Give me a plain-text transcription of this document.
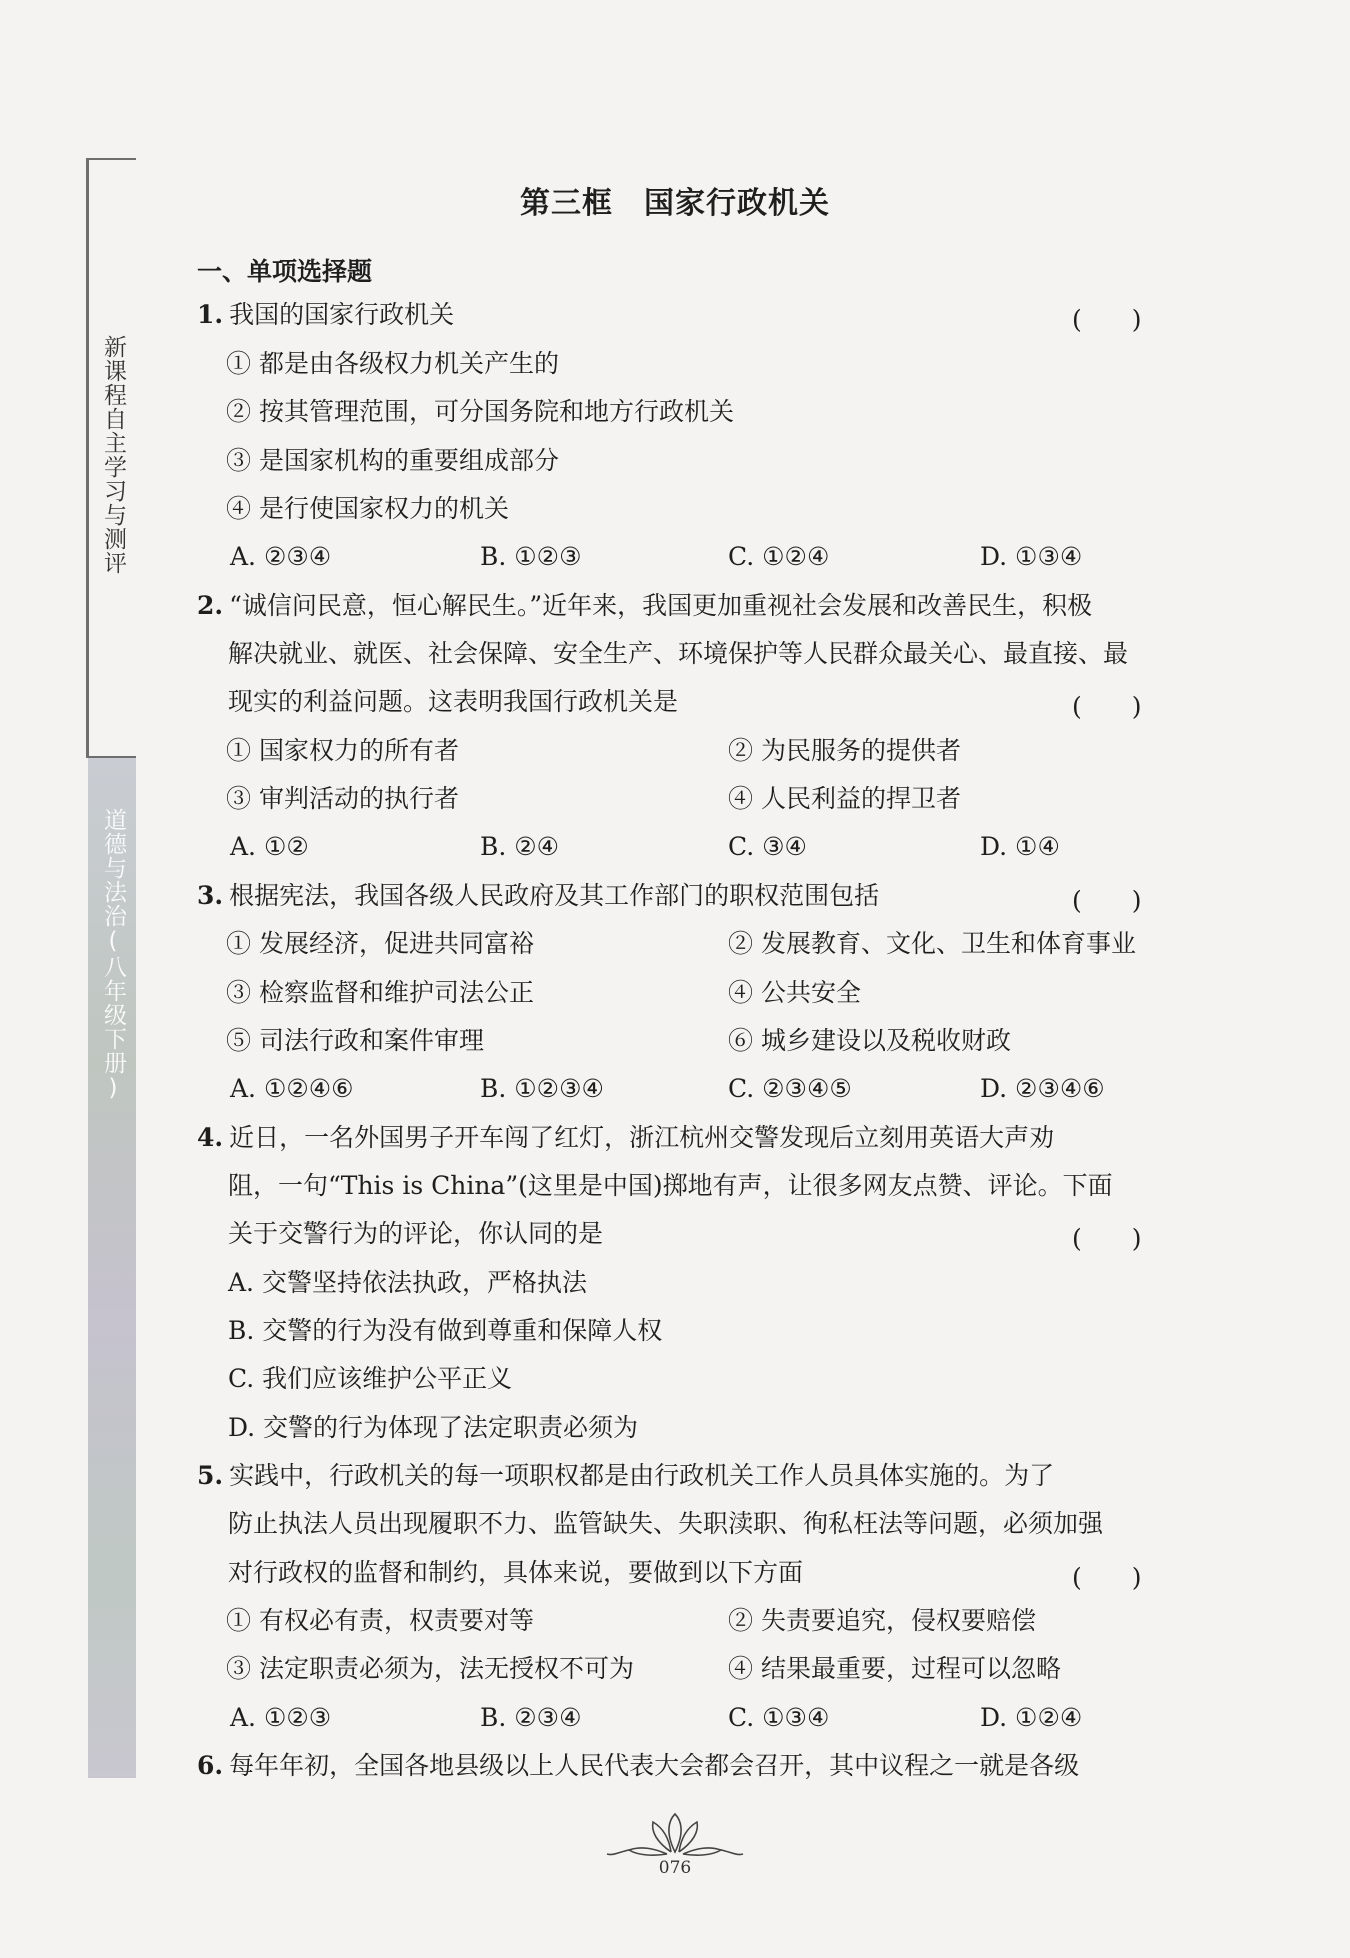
新课程自主学习与测评
道德与法治(八年级下册)
第三框　国家行政机关
一、单项选择题
1. 我国的国家行政机关	(　　)
① 都是由各级权力机关产生的
② 按其管理范围，可分国务院和地方行政机关
③ 是国家机构的重要组成部分
④ 是行使国家权力的机关
A. ②③④	B. ①②③	C. ①②④	D. ①③④
2. “诚信问民意，恒心解民生。”近年来，我国更加重视社会发展和改善民生，积极
解决就业、就医、社会保障、安全生产、环境保护等人民群众最关心、最直接、最
现实的利益问题。这表明我国行政机关是	(　　)
① 国家权力的所有者	② 为民服务的提供者
③ 审判活动的执行者	④ 人民利益的捍卫者
A. ①②	B. ②④	C. ③④	D. ①④
3. 根据宪法，我国各级人民政府及其工作部门的职权范围包括	(　　)
① 发展经济，促进共同富裕	② 发展教育、文化、卫生和体育事业
③ 检察监督和维护司法公正	④ 公共安全
⑤ 司法行政和案件审理	⑥ 城乡建设以及税收财政
A. ①②④⑥	B. ①②③④	C. ②③④⑤	D. ②③④⑥
4. 近日，一名外国男子开车闯了红灯，浙江杭州交警发现后立刻用英语大声劝
阻，一句“This is China”(这里是中国)掷地有声，让很多网友点赞、评论。下面
关于交警行为的评论，你认同的是	(　　)
A. 交警坚持依法执政，严格执法
B. 交警的行为没有做到尊重和保障人权
C. 我们应该维护公平正义
D. 交警的行为体现了法定职责必须为
5. 实践中，行政机关的每一项职权都是由行政机关工作人员具体实施的。为了
防止执法人员出现履职不力、监管缺失、失职渎职、徇私枉法等问题，必须加强
对行政权的监督和制约，具体来说，要做到以下方面	(　　)
① 有权必有责，权责要对等	② 失责要追究，侵权要赔偿
③ 法定职责必须为，法无授权不可为	④ 结果最重要，过程可以忽略
A. ①②③	B. ②③④	C. ①③④	D. ①②④
6. 每年年初，全国各地县级以上人民代表大会都会召开，其中议程之一就是各级
076
